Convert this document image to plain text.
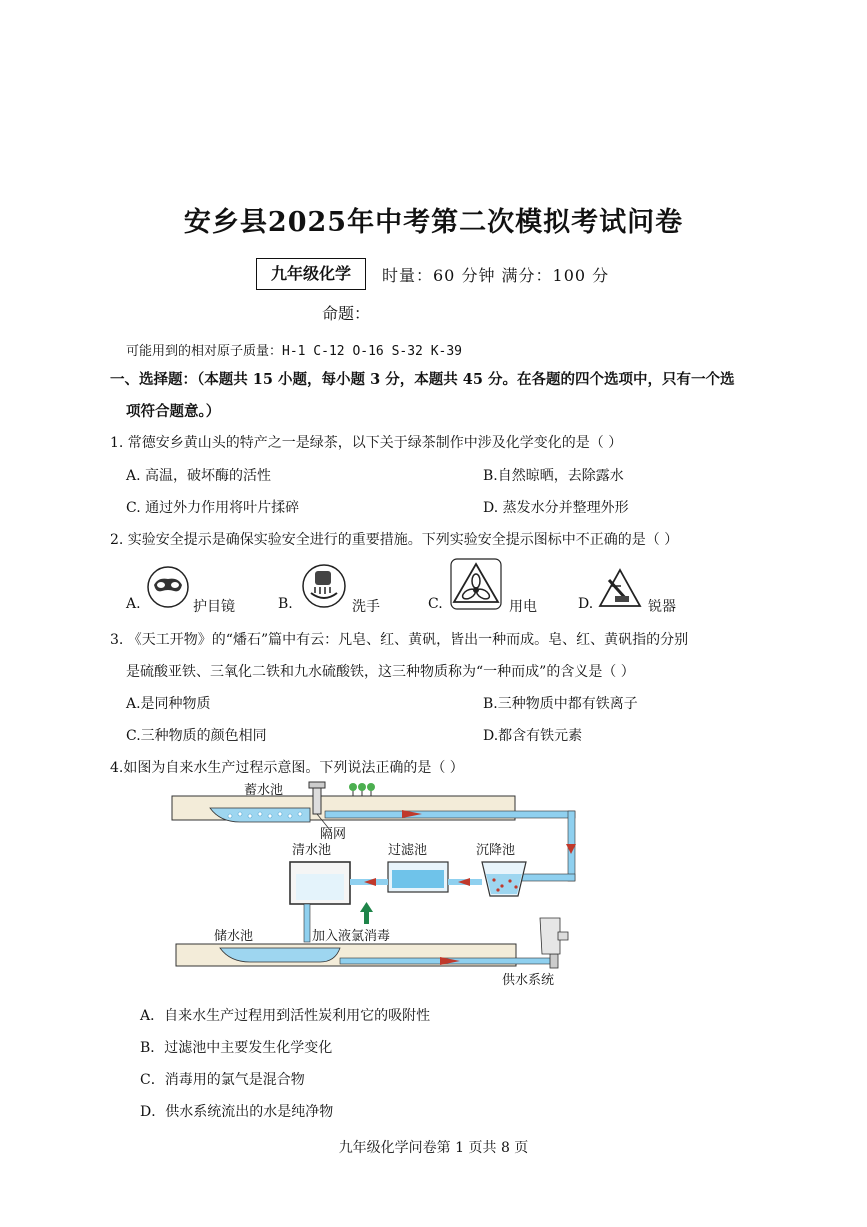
安乡县2025年中考第二次模拟考试问卷
九年级化学	时量：60 分钟 满分：100 分
命题：
可能用到的相对原子质量：H-1 C-12 O-16 S-32 K-39
一、选择题：（本题共 15 小题，每小题 3 分，本题共 45 分。在各题的四个选项中，只有一个选
项符合题意。）
1. 常德安乡黄山头的特产之一是绿茶，以下关于绿茶制作中涉及化学变化的是（ ）
A. 高温，破坏酶的活性	B.自然晾晒，去除露水
C. 通过外力作用将叶片揉碎	D. 蒸发水分并整理外形
2. 实验安全提示是确保实验安全进行的重要措施。下列实验安全提示图标中不正确的是（ ）
A.	护目镜	B.	洗手	C.	用电	D.	锐器
3. 《天工开物》的“燔石”篇中有云：凡皂、红、黄矾，皆出一种而成。皂、红、黄矾指的分别
是硫酸亚铁、三氧化二铁和九水硫酸铁，这三种物质称为“一种而成”的含义是（ ）
A.是同种物质	B.三种物质中都有铁离子
C.三种物质的颜色相同	D.都含有铁元素
4.如图为自来水生产过程示意图。下列说法正确的是（ ）
蓄水池
隔网
沉降池
过滤池
清水池
加入液氯消毒
储水池
供水系统
A．自来水生产过程用到活性炭利用它的吸附性
B．过滤池中主要发生化学变化
C．消毒用的氯气是混合物
D．供水系统流出的水是纯净物
九年级化学问卷第 1 页共 8 页
